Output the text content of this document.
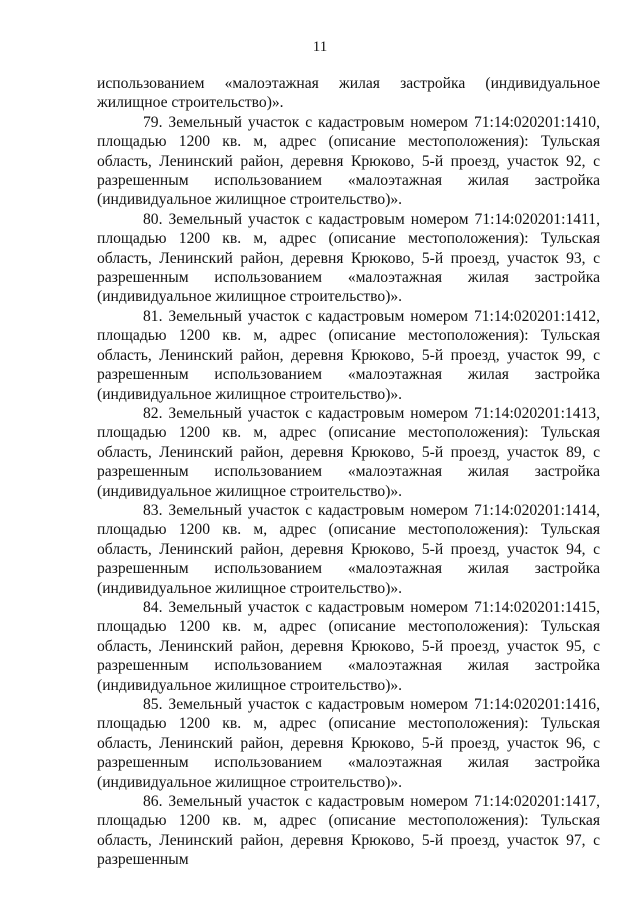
11

использованием «малоэтажная жилая застройка (индивидуальное жилищное строительство)».

79. Земельный участок с кадастровым номером 71:14:020201:1410, площадью 1200 кв. м, адрес (описание местоположения): Тульская область, Ленинский район, деревня Крюково, 5-й проезд, участок 92, с разрешенным использованием «малоэтажная жилая застройка (индивидуальное жилищное строительство)».

80. Земельный участок с кадастровым номером 71:14:020201:1411, площадью 1200 кв. м, адрес (описание местоположения): Тульская область, Ленинский район, деревня Крюково, 5-й проезд, участок 93, с разрешенным использованием «малоэтажная жилая застройка (индивидуальное жилищное строительство)».

81. Земельный участок с кадастровым номером 71:14:020201:1412, площадью 1200 кв. м, адрес (описание местоположения): Тульская область, Ленинский район, деревня Крюково, 5-й проезд, участок 99, с разрешенным использованием «малоэтажная жилая застройка (индивидуальное жилищное строительство)».

82. Земельный участок с кадастровым номером 71:14:020201:1413, площадью 1200 кв. м, адрес (описание местоположения): Тульская область, Ленинский район, деревня Крюково, 5-й проезд, участок 89, с разрешенным использованием «малоэтажная жилая застройка (индивидуальное жилищное строительство)».

83. Земельный участок с кадастровым номером 71:14:020201:1414, площадью 1200 кв. м, адрес (описание местоположения): Тульская область, Ленинский район, деревня Крюково, 5-й проезд, участок 94, с разрешенным использованием «малоэтажная жилая застройка (индивидуальное жилищное строительство)».

84. Земельный участок с кадастровым номером 71:14:020201:1415, площадью 1200 кв. м, адрес (описание местоположения): Тульская область, Ленинский район, деревня Крюково, 5-й проезд, участок 95, с разрешенным использованием «малоэтажная жилая застройка (индивидуальное жилищное строительство)».

85. Земельный участок с кадастровым номером 71:14:020201:1416, площадью 1200 кв. м, адрес (описание местоположения): Тульская область, Ленинский район, деревня Крюково, 5-й проезд, участок 96, с разрешенным использованием «малоэтажная жилая застройка (индивидуальное жилищное строительство)».

86. Земельный участок с кадастровым номером 71:14:020201:1417, площадью 1200 кв. м, адрес (описание местоположения): Тульская область, Ленинский район, деревня Крюково, 5-й проезд, участок 97, с разрешенным
